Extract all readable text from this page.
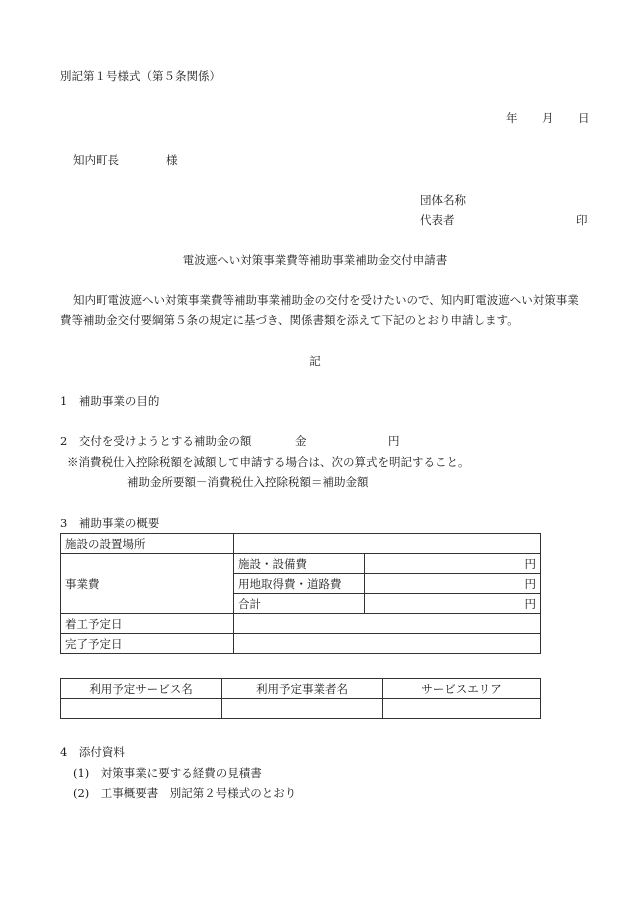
別記第１号様式（第５条関係）
年 月 日
知内町長	様
団体名称
代表者	印
電波遮へい対策事業費等補助事業補助金交付申請書
知内町電波遮へい対策事業費等補助事業補助金の交付を受けたいので、知内町電波遮へい対策事業
費等補助金交付要綱第５条の規定に基づき、関係書類を添えて下記のとおり申請します。
記
1　補助事業の目的
2　交付を受けようとする補助金の額	金	円
※消費税仕入控除税額を減額して申請する場合は、次の算式を明記すること。
補助金所要額－消費税仕入控除税額＝補助金額
3　補助事業の概要
施設の設置場所		
事業費	施設・設備費	円
	用地取得費・道路費	円
	合計	円
着工予定日		
完了予定日		
利用予定サービス名	利用予定事業者名	サービスエリア

4　添付資料
(1)　対策事業に要する経費の見積書
(2)　工事概要書　別記第２号様式のとおり
